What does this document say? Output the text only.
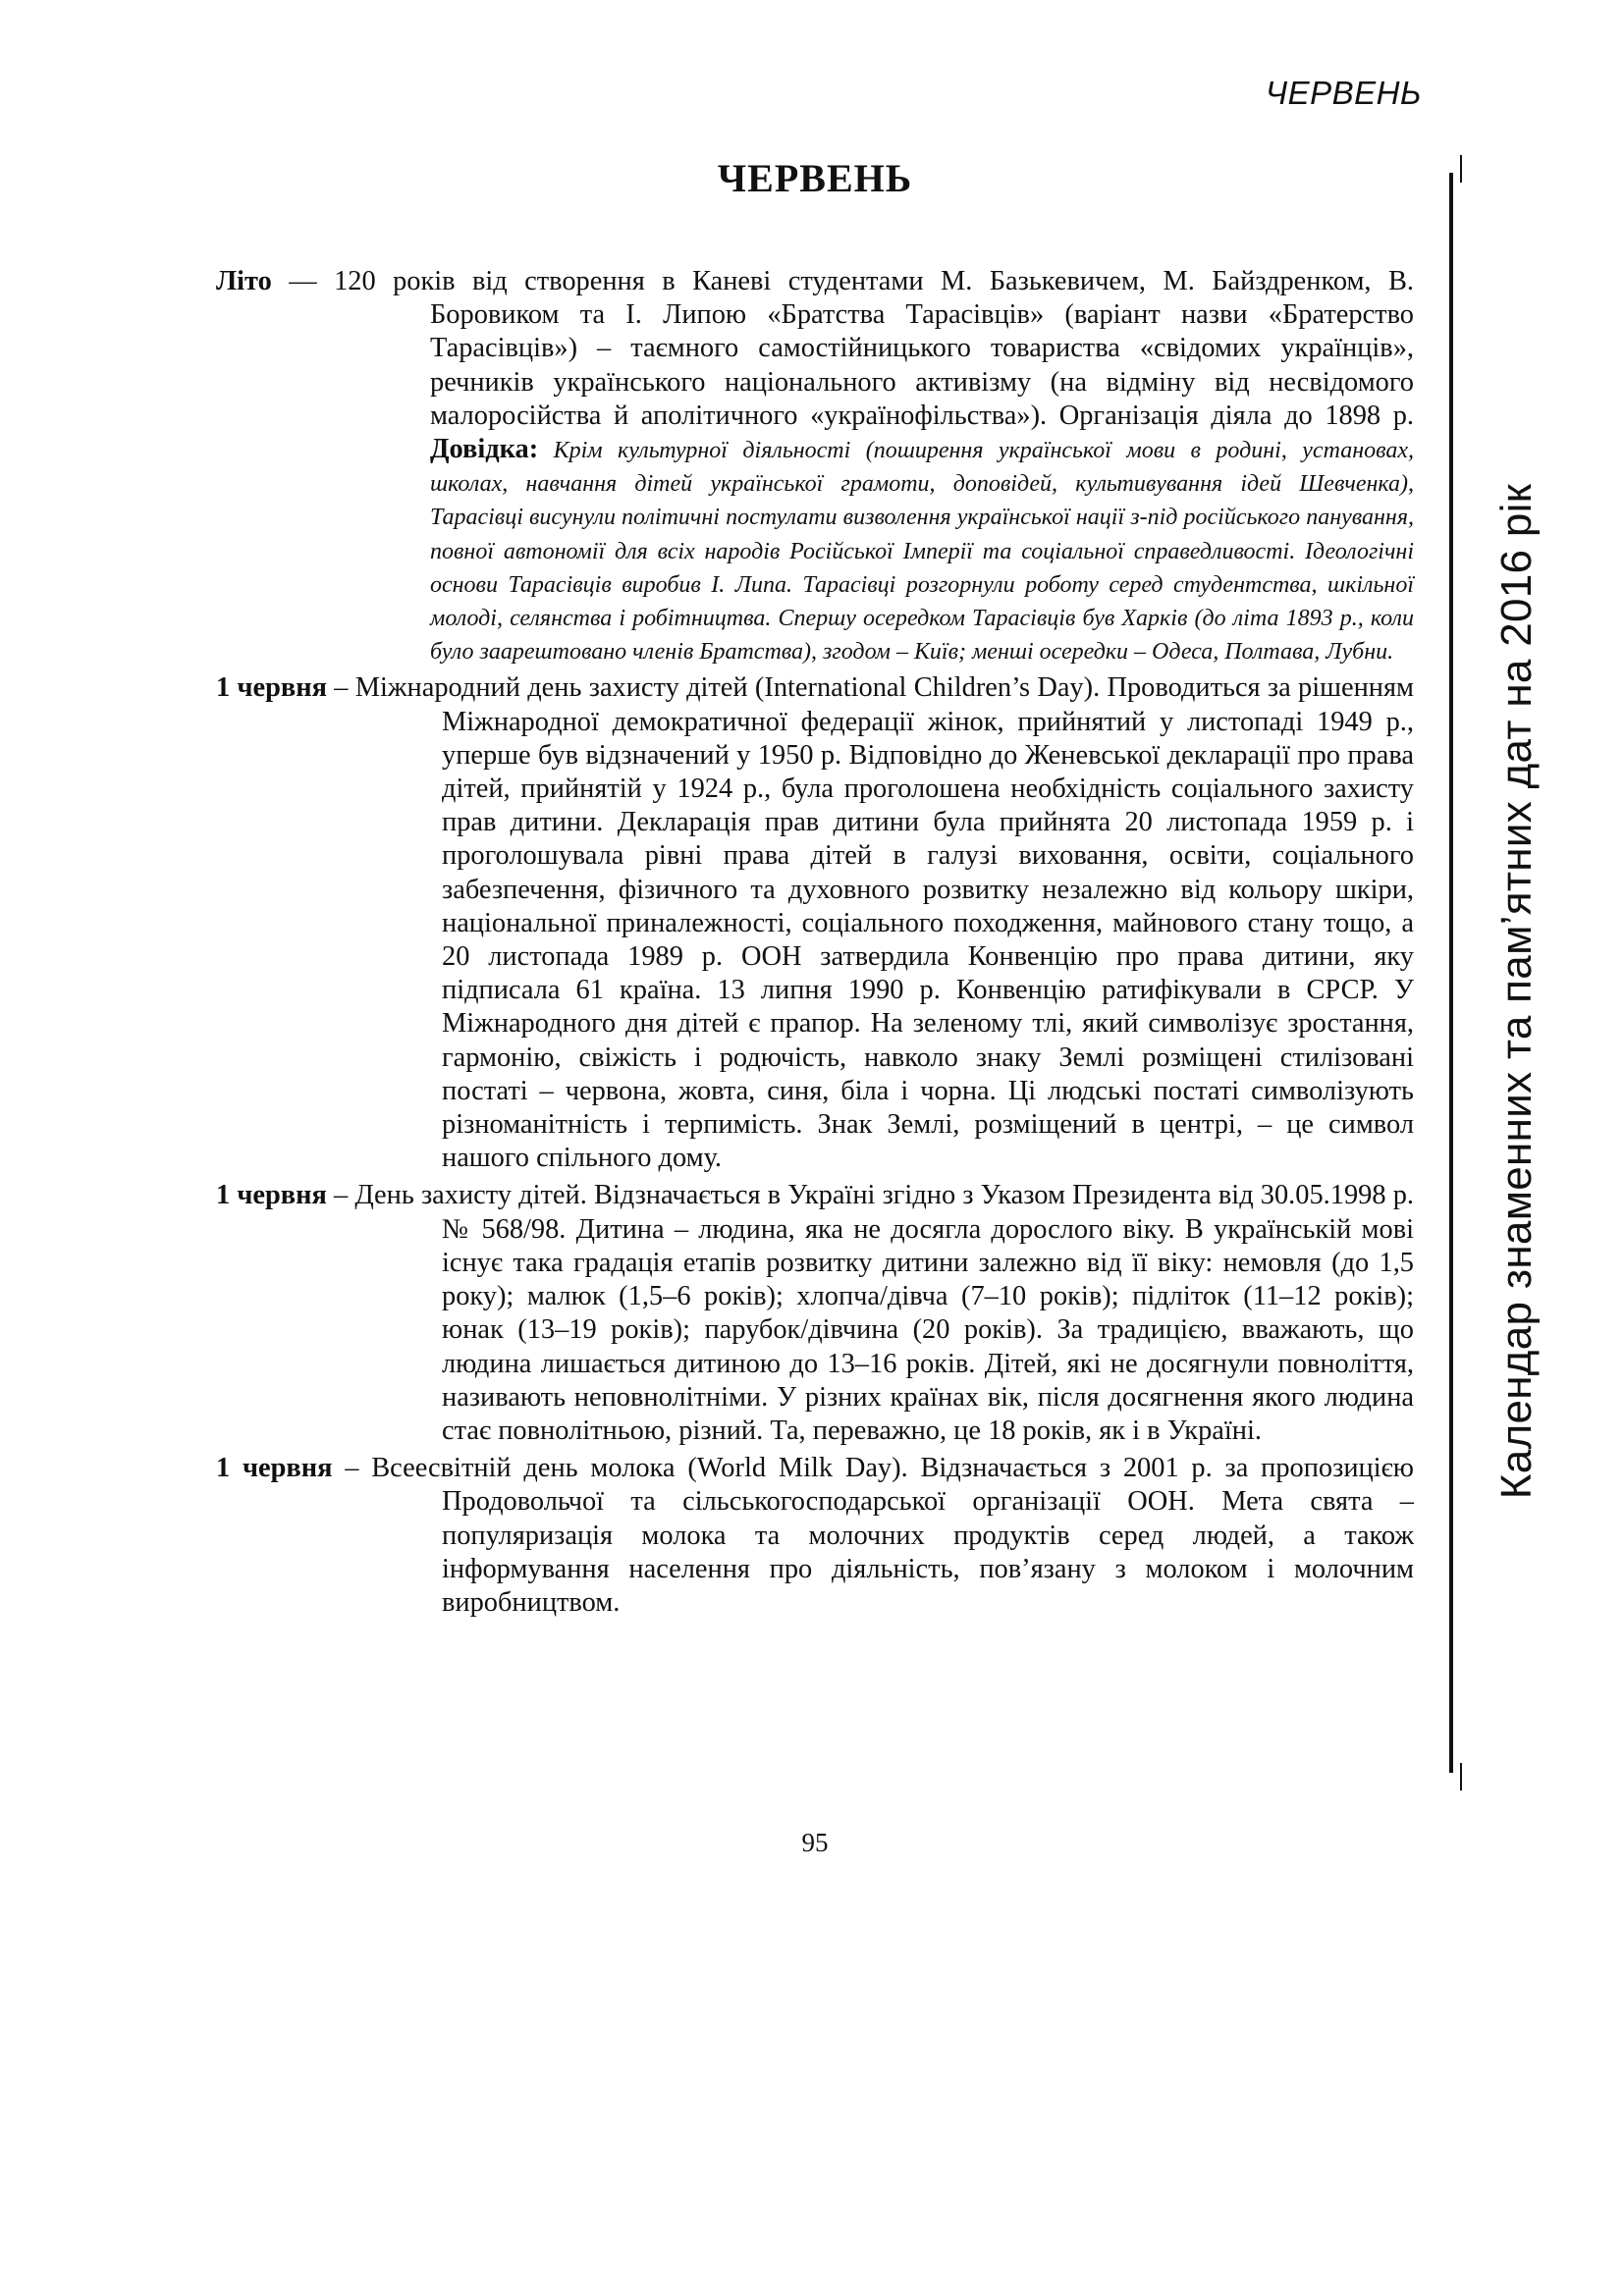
ЧЕРВЕНЬ
ЧЕРВЕНЬ

Літо — 120 років від створення в Каневі студентами М. Базькевичем, М. Байздренком, В. Боровиком та І. Липою «Братства Тарасівців» (варіант назви «Братерство Тарасівців») – таємного самостійницького товариства «свідомих українців», речників українського національного активізму (на відміну від несвідомого малоросійства й аполітичного «українофільства»). Організація діяла до 1898 р. Довідка: Крім культурної діяльності (поширення української мови в родині, установах, школах, навчання дітей української грамоти, доповідей, культивування ідей Шевченка), Тарасівці висунули політичні постулати визволення української нації з-під російського панування, повної автономії для всіх народів Російської Імперії та соціальної справедливості. Ідеологічні основи Тарасівців виробив І. Липа. Тарасівці розгорнули роботу серед студентства, шкільної молоді, селянства і робітництва. Спершу осередком Тарасівців був Харків (до літа 1893 р., коли було заарештовано членів Братства), згодом – Київ; менші осередки – Одеса, Полтава, Лубни.

1 червня – Міжнародний день захисту дітей (International Children’s Day). Проводиться за рішенням Міжнародної демократичної федерації жінок, прийнятий у листопаді 1949 р., уперше був відзначений у 1950 р. Відповідно до Женевської декларації про права дітей, прийнятій у 1924 р., була проголошена необхідність соціального захисту прав дитини. Декларація прав дитини була прийнята 20 листопада 1959 р. і проголошувала рівні права дітей в галузі виховання, освіти, соціального забезпечення, фізичного та духовного розвитку незалежно від кольору шкіри, національної приналежності, соціального походження, майнового стану тощо, а 20 листопада 1989 р. ООН затвердила Конвенцію про права дитини, яку підписала 61 країна. 13 липня 1990 р. Конвенцію ратифікували в СРСР. У Міжнародного дня дітей є прапор. На зеленому тлі, який символізує зростання, гармонію, свіжість і родючість, навколо знаку Землі розміщені стилізовані постаті – червона, жовта, синя, біла і чорна. Ці людські постаті символізують різноманітність і терпимість. Знак Землі, розміщений в центрі, – це символ нашого спільного дому.

1 червня – День захисту дітей. Відзначається в Україні згідно з Указом Президента від 30.05.1998 р. № 568/98. Дитина – людина, яка не досягла дорослого віку. В українській мові існує така градація етапів розвитку дитини залежно від її віку: немовля (до 1,5 року); малюк (1,5–6 років); хлопча/дівча (7–10 років); підліток (11–12 років); юнак (13–19 років); парубок/дівчина (20 років). За традицією, вважають, що людина лишається дитиною до 13–16 років. Дітей, які не досягнули повноліття, називають неповнолітніми. У різних країнах вік, після досягнення якого людина стає повнолітньою, різний. Та, переважно, це 18 років, як і в Україні.

1 червня – Всеесвітній день молока (World Milk Day). Відзначається з 2001 р. за пропозицією Продовольчої та сільськогосподарської організації ООН. Мета свята – популяризація молока та молочних продуктів серед людей, а також інформування населення про діяльність, пов’язану з молоком і молочним виробництвом.

Календар знаменних та пам’ятних дат на 2016 рік
95
